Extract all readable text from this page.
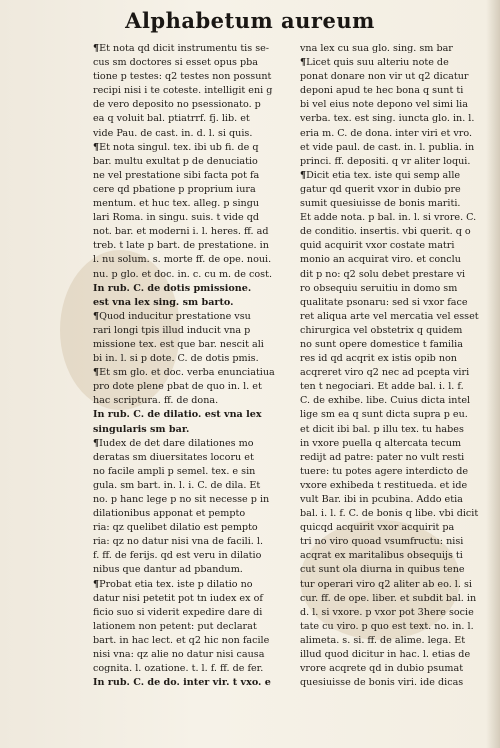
Alphabetum aureum
¶ Et nota qd dicit instrumentu tis se-
cus sm doctores si esset opus pba
tione p testes: q2 testes non possunt
recipi nisi i te coteste. intelligit eni g
de vero deposito no psessionato. p
ea q voluit bal. ptiatrrf. fj. lib. et
vide Pau. de cast. in. d. l. si quis.
¶ Et nota singul. tex. ibi ub fi. de q
bar. multu exultat p de denuciatio
ne vel prestatione sibi facta pot fa
cere qd pbatione p proprium iura
mentum. et huc tex. alleg. p singu
lari Roma. in singu. suis. t vide qd
not. bar. et moderni i. l. heres. ff. ad
treb. t late p bart. de prestatione. in
l. nu solum. s. morte ff. de ope. noui.
nu. p glo. et doc. in. c. cu m. de cost.
In rub. C. de dotis pmissione.
est vna lex sing. sm barto.
¶ Quod inducitur prestatione vsu
rari longi tpis illud inducit vna p
missione tex. est que bar. nescit ali
bi in. l. si p dote. C. de dotis pmis.
¶ Et sm glo. et doc. verba enunciatiua
pro dote plene pbat de quo in. l. et
hac scriptura. ff. de dona.
In rub. C. de dilatio. est vna lex
singularis sm bar.
¶ Iudex de det dare dilationes mo
deratas sm diuersitates locoru et
no facile ampli p semel. tex. e sin
gula. sm bart. in. l. i. C. de dila. Et
no. p hanc lege p no sit necesse p in
dilationibus apponat et pempto
ria: qz quelibet dilatio est pempto
ria: qz no datur nisi vna de facili. l.
f. ff. de ferijs. qd est veru in dilatio
nibus que dantur ad pbandum.
¶ Probat etia tex. iste p dilatio no
datur nisi petetit pot tn iudex ex of
ficio suo si viderit expedire dare di
lationem non petent: put declarat
bart. in hac lect. et q2 hic non facile
nisi vna: qz alie no datur nisi causa
cognita. l. ozatione. t. l. f. ff. de fer.
In rub. C. de do. inter vir. t vxo. e
vna lex cu sua glo. sing. sm bar
¶ Licet quis suu alteriu note de
ponat donare non vir ut q2 dicatur
deponi apud te hec bona q sunt ti
bi vel eius note depono vel simi lia
verba. tex. est sing. iuncta glo. in. l.
eria m. C. de dona. inter viri et vro.
et vide paul. de cast. in. l. publia. in
princi. ff. depositi. q vr aliter loqui.
¶ Dicit etia tex. iste qui semp alle
gatur qd querit vxor in dubio pre
sumit quesiuisse de bonis mariti.
Et adde nota. p bal. in. l. si vrore. C.
de conditio. insertis. vbi querit. q o
quid acquirit vxor costate matri
monio an acquirat viro. et conclu
dit p no: q2 solu debet prestare vi
ro obsequiu seruitiu in domo sm
qualitate psonaru: sed si vxor face
ret aliqua arte vel mercatia vel esset
chirurgica vel obstetrix q quidem
no sunt opere domestice t familia
res id qd acqrit ex istis opib non
acqreret viro q2 nec ad pcepta viri
ten t negociari. Et adde bal. i. l. f.
C. de exhibe. libe. Cuius dicta intel
lige sm ea q sunt dicta supra p eu.
et dicit ibi bal. p illu tex. tu habes
in vxore puella q altercata tecum
redijt ad patre: pater no vult resti
tuere: tu potes agere interdicto de
vxore exhibeda t restitueda. et ide
vult Bar. ibi in pcubina. Addo etia
bal. i. l. f. C. de bonis q libe. vbi dicit
quicqd acquirit vxor acquirit pa
tri no viro quoad vsumfructu: nisi
acqrat ex maritalibus obsequijs ti
cut sunt ola diurna in quibus tene
tur operari viro q2 aliter ab eo. l. si
cur. ff. de ope. liber. et subdit bal. in
d. l. si vxore. p vxor pot 3here socie
tate cu viro. p quo est text. no. in. l.
alimeta. s. si. ff. de alime. lega. Et
illud quod dicitur in hac. l. etias de
vrore acqrete qd in dubio psumat
quesiuisse de bonis viri. ide dicas
